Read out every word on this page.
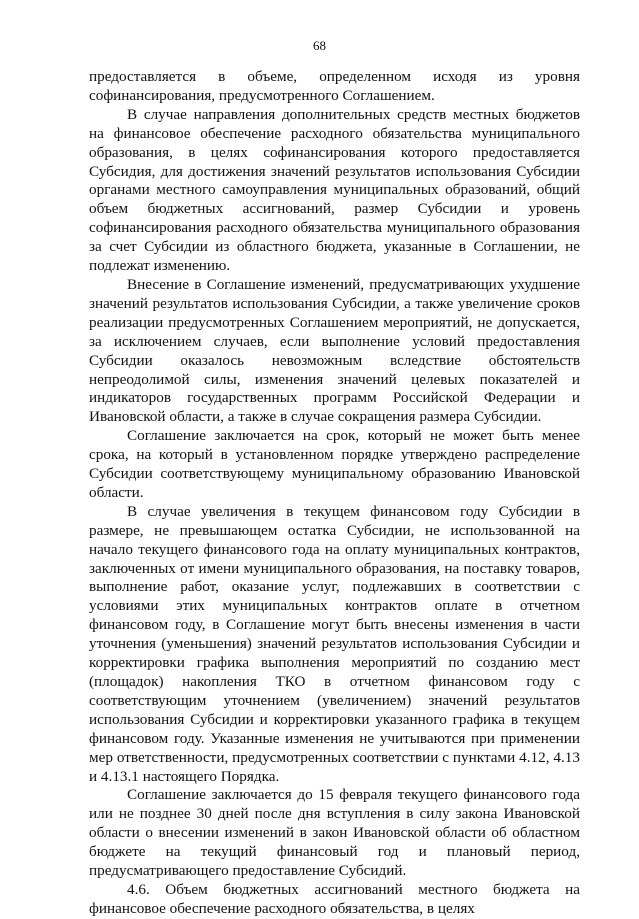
68

предоставляется в объеме, определенном исходя из уровня софинансирования, предусмотренного Соглашением.

В случае направления дополнительных средств местных бюджетов на финансовое обеспечение расходного обязательства муниципального образования, в целях софинансирования которого предоставляется Субсидия, для достижения значений результатов использования Субсидии органами местного самоуправления муниципальных образований, общий объем бюджетных ассигнований, размер Субсидии и уровень софинансирования расходного обязательства муниципального образования за счет Субсидии из областного бюджета, указанные в Соглашении, не подлежат изменению.

Внесение в Соглашение изменений, предусматривающих ухудшение значений результатов использования Субсидии, а также увеличение сроков реализации предусмотренных Соглашением мероприятий, не допускается, за исключением случаев, если выполнение условий предоставления Субсидии оказалось невозможным вследствие обстоятельств непреодолимой силы, изменения значений целевых показателей и индикаторов государственных программ Российской Федерации и Ивановской области, а также в случае сокращения размера Субсидии.

Соглашение заключается на срок, который не может быть менее срока, на который в установленном порядке утверждено распределение Субсидии соответствующему муниципальному образованию Ивановской области.

В случае увеличения в текущем финансовом году Субсидии в размере, не превышающем остатка Субсидии, не использованной на начало текущего финансового года на оплату муниципальных контрактов, заключенных от имени муниципального образования, на поставку товаров, выполнение работ, оказание услуг, подлежавших в соответствии с условиями этих муниципальных контрактов оплате в отчетном финансовом году, в Соглашение могут быть внесены изменения в части уточнения (уменьшения) значений результатов использования Субсидии и корректировки графика выполнения мероприятий по созданию мест (площадок) накопления ТКО в отчетном финансовом году с соответствующим уточнением (увеличением) значений результатов использования Субсидии и корректировки указанного графика в текущем финансовом году. Указанные изменения не учитываются при применении мер ответственности, предусмотренных соответствии с пунктами 4.12, 4.13 и 4.13.1 настоящего Порядка.

Соглашение заключается до 15 февраля текущего финансового года или не позднее 30 дней после дня вступления в силу закона Ивановской области о внесении изменений в закон Ивановской области об областном бюджете на текущий финансовый год и плановый период, предусматривающего предоставление Субсидий.

4.6. Объем бюджетных ассигнований местного бюджета на финансовое обеспечение расходного обязательства, в целях
